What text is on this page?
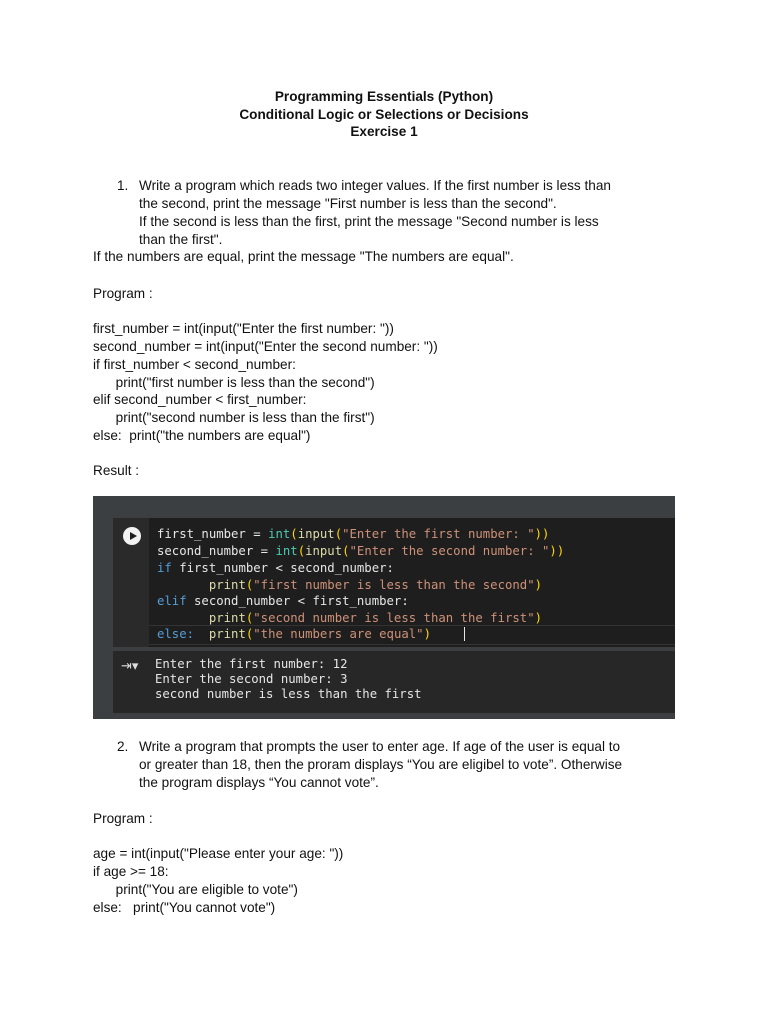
Programming Essentials (Python)
Conditional Logic or Selections or Decisions
Exercise 1
1. Write a program which reads two integer values. If the first number is less than
the second, print the message "First number is less than the second".
If the second is less than the first, print the message "Second number is less
than the first".
If the numbers are equal, print the message "The numbers are equal".
Program :
first_number = int(input("Enter the first number: "))
second_number = int(input("Enter the second number: "))
if first_number < second_number:
print("first number is less than the second")
elif second_number < first_number:
print("second number is less than the first")
else:  print("the numbers are equal")
Result :
first_number = int(input("Enter the first number: "))
second_number = int(input("Enter the second number: "))
if first_number < second_number:
print("first number is less than the second")
elif second_number < first_number:
print("second number is less than the first")
else: print("the numbers are equal")
⇥▾ Enter the first number: 12
Enter the second number: 3
second number is less than the first
2. Write a program that prompts the user to enter age. If age of the user is equal to
or greater than 18, then the proram displays “You are eligibel to vote”. Otherwise
the program displays “You cannot vote”.
Program :
age = int(input("Please enter your age: "))
if age >= 18:
print("You are eligible to vote")
else:   print("You cannot vote")
